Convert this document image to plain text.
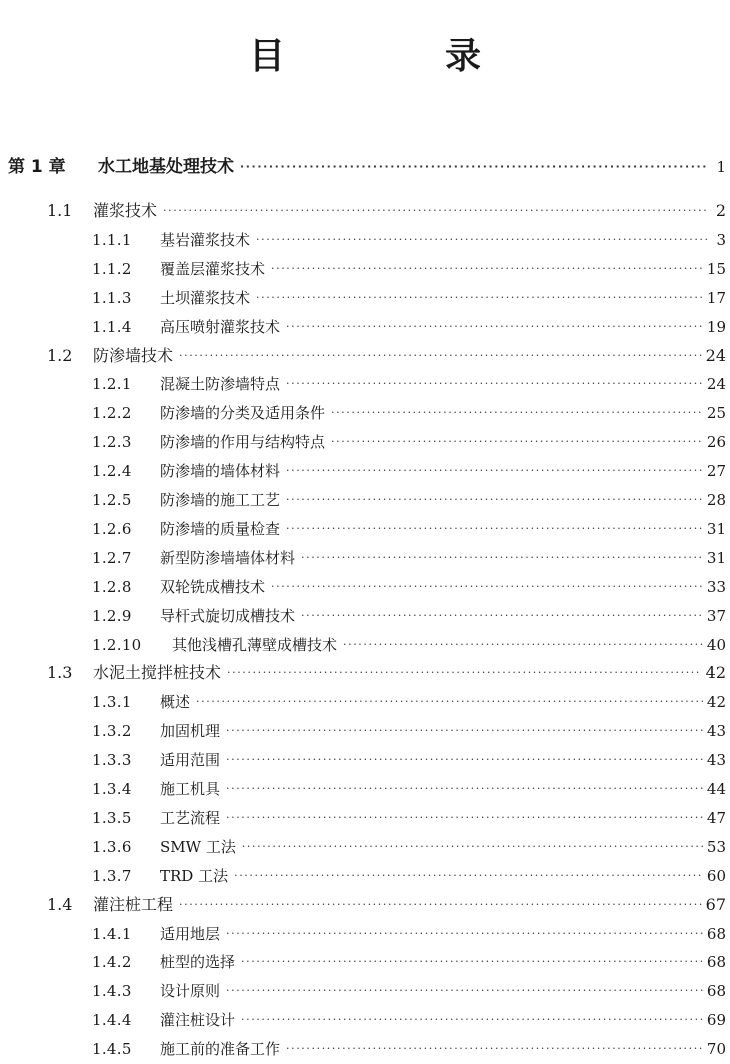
目　录
第 1 章	水工地基处理技术 ·····	1
1.1	灌浆技术 ·····	2
1.1.1	基岩灌浆技术 ·····	3
1.1.2	覆盖层灌浆技术 ·····	15
1.1.3	土坝灌浆技术 ·····	17
1.1.4	高压喷射灌浆技术 ·····	19
1.2	防渗墙技术 ·····	24
1.2.1	混凝土防渗墙特点 ·····	24
1.2.2	防渗墙的分类及适用条件 ·····	25
1.2.3	防渗墙的作用与结构特点 ·····	26
1.2.4	防渗墙的墙体材料 ·····	27
1.2.5	防渗墙的施工工艺 ·····	28
1.2.6	防渗墙的质量检查 ·····	31
1.2.7	新型防渗墙墙体材料 ·····	31
1.2.8	双轮铣成槽技术 ·····	33
1.2.9	导杆式旋切成槽技术 ·····	37
1.2.10	其他浅槽孔薄壁成槽技术 ·····	40
1.3	水泥土搅拌桩技术 ·····	42
1.3.1	概述 ·····	42
1.3.2	加固机理 ·····	43
1.3.3	适用范围 ·····	43
1.3.4	施工机具 ·····	44
1.3.5	工艺流程 ·····	47
1.3.6	SMW 工法 ·····	53
1.3.7	TRD 工法 ·····	60
1.4	灌注桩工程 ·····	67
1.4.1	适用地层 ·····	68
1.4.2	桩型的选择 ·····	68
1.4.3	设计原则 ·····	68
1.4.4	灌注桩设计 ·····	69
1.4.5	施工前的准备工作 ·····	70
